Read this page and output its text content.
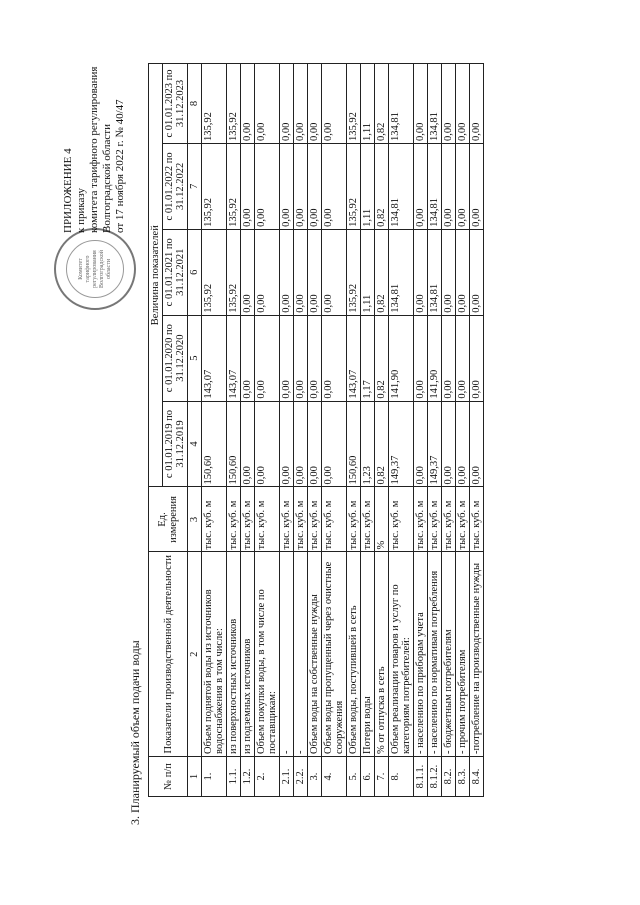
Комитет тарифного регулирования Волгоградской области
ПРИЛОЖЕНИЕ 4 к приказу комитета тарифного регулирования Волгоградской области от 17 ноября 2022 г. № 40/47
3. Планируемый объем подачи воды № п/п	Показатели производственной деятельности	Ед. измерения	Величина показателей				
			с 01.01.2019 по 31.12.2019	с 01.01.2020 по 31.12.2020	с 01.01.2021 по 31.12.2021	с 01.01.2022 по 31.12.2022	с 01.01.2023 по 31.12.2023
1	2	3	4	5	6	7	8
1.	Объем поднятой воды из источников водоснабжения в том числе:	тыс. куб. м	150,60	143,07	135,92	135,92	135,92
1.1.	из поверхностных источников	тыс. куб. м	150,60	143,07	135,92	135,92	135,92
1.2.	из подземных источников	тыс. куб. м	0,00	0,00	0,00	0,00	0,00
2.	Объем покупки воды, в том числе по поставщикам:	тыс. куб. м	0,00	0,00	0,00	0,00	0,00
2.1.	-	тыс. куб. м	0,00	0,00	0,00	0,00	0,00
2.2.	-	тыс. куб. м	0,00	0,00	0,00	0,00	0,00
3.	Объем воды на собственные нужды	тыс. куб. м	0,00	0,00	0,00	0,00	0,00
4.	Объем воды пропущенный через очистные сооружения	тыс. куб. м	0,00	0,00	0,00	0,00	0,00
5.	Объем воды, поступившей в сеть	тыс. куб. м	150,60	143,07	135,92	135,92	135,92
6.	Потери воды	тыс. куб. м	1,23	1,17	1,11	1,11	1,11
7.	% от отпуска в сеть	%	0,82	0,82	0,82	0,82	0,82
8.	Объем реализации товаров и услуг по категориям потребителей:	тыс. куб. м	149,37	141,90	134,81	134,81	134,81
8.1.1.	- населению по приборам учета	тыс. куб. м	0,00	0,00	0,00	0,00	0,00
8.1.2.	- населению по нормативам потребления	тыс. куб. м	149,37	141,90	134,81	134,81	134,81
8.2.	- бюджетным потребителям	тыс. куб. м	0,00	0,00	0,00	0,00	0,00
8.3.	- прочим потребителям	тыс. куб. м	0,00	0,00	0,00	0,00	0,00
8.4.	-потребление на производственные нужды	тыс. куб. м	0,00	0,00	0,00	0,00	0,00
